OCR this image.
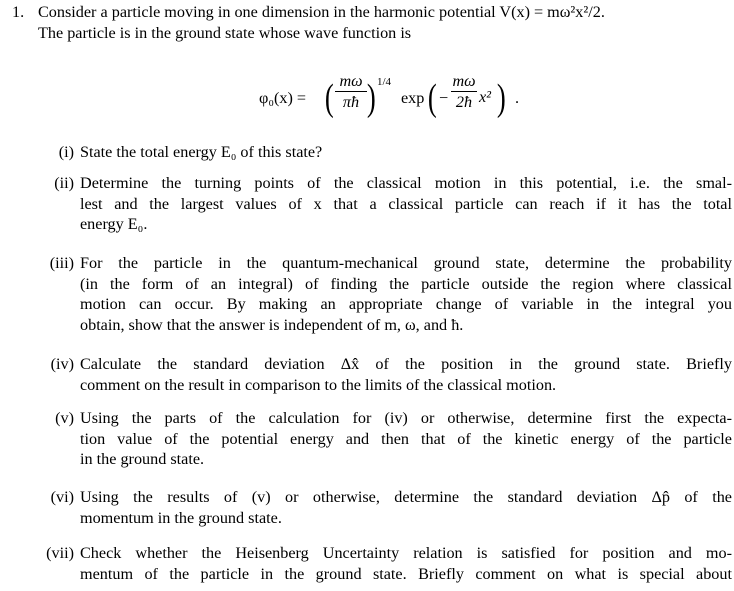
1. Consider a particle moving in one dimension in the harmonic potential V(x) = mω²x²/2.
The particle is in the ground state whose wave function is
φ₀(x) = ( mω
πħ ) 1/4
exp ( −
mω
2ħ x² ) .
(i) State the total energy E₀ of this state?
(ii) Determine the turning points of the classical motion in this potential, i.e. the smal-
lest and the largest values of x that a classical particle can reach if it has the total
energy E₀.
(iii) For the particle in the quantum-mechanical ground state, determine the probability
(in the form of an integral) of finding the particle outside the region where classical
motion can occur. By making an appropriate change of variable in the integral you
obtain, show that the answer is independent of m, ω, and ħ.
(iv) Calculate the standard deviation Δx̂ of the position in the ground state. Briefly
comment on the result in comparison to the limits of the classical motion.
(v) Using the parts of the calculation for (iv) or otherwise, determine first the expecta-
tion value of the potential energy and then that of the kinetic energy of the particle
in the ground state.
(vi) Using the results of (v) or otherwise, determine the standard deviation Δp̂ of the
momentum in the ground state.
(vii) Check whether the Heisenberg Uncertainty relation is satisfied for position and mo-
mentum of the particle in the ground state. Briefly comment on what is special about
